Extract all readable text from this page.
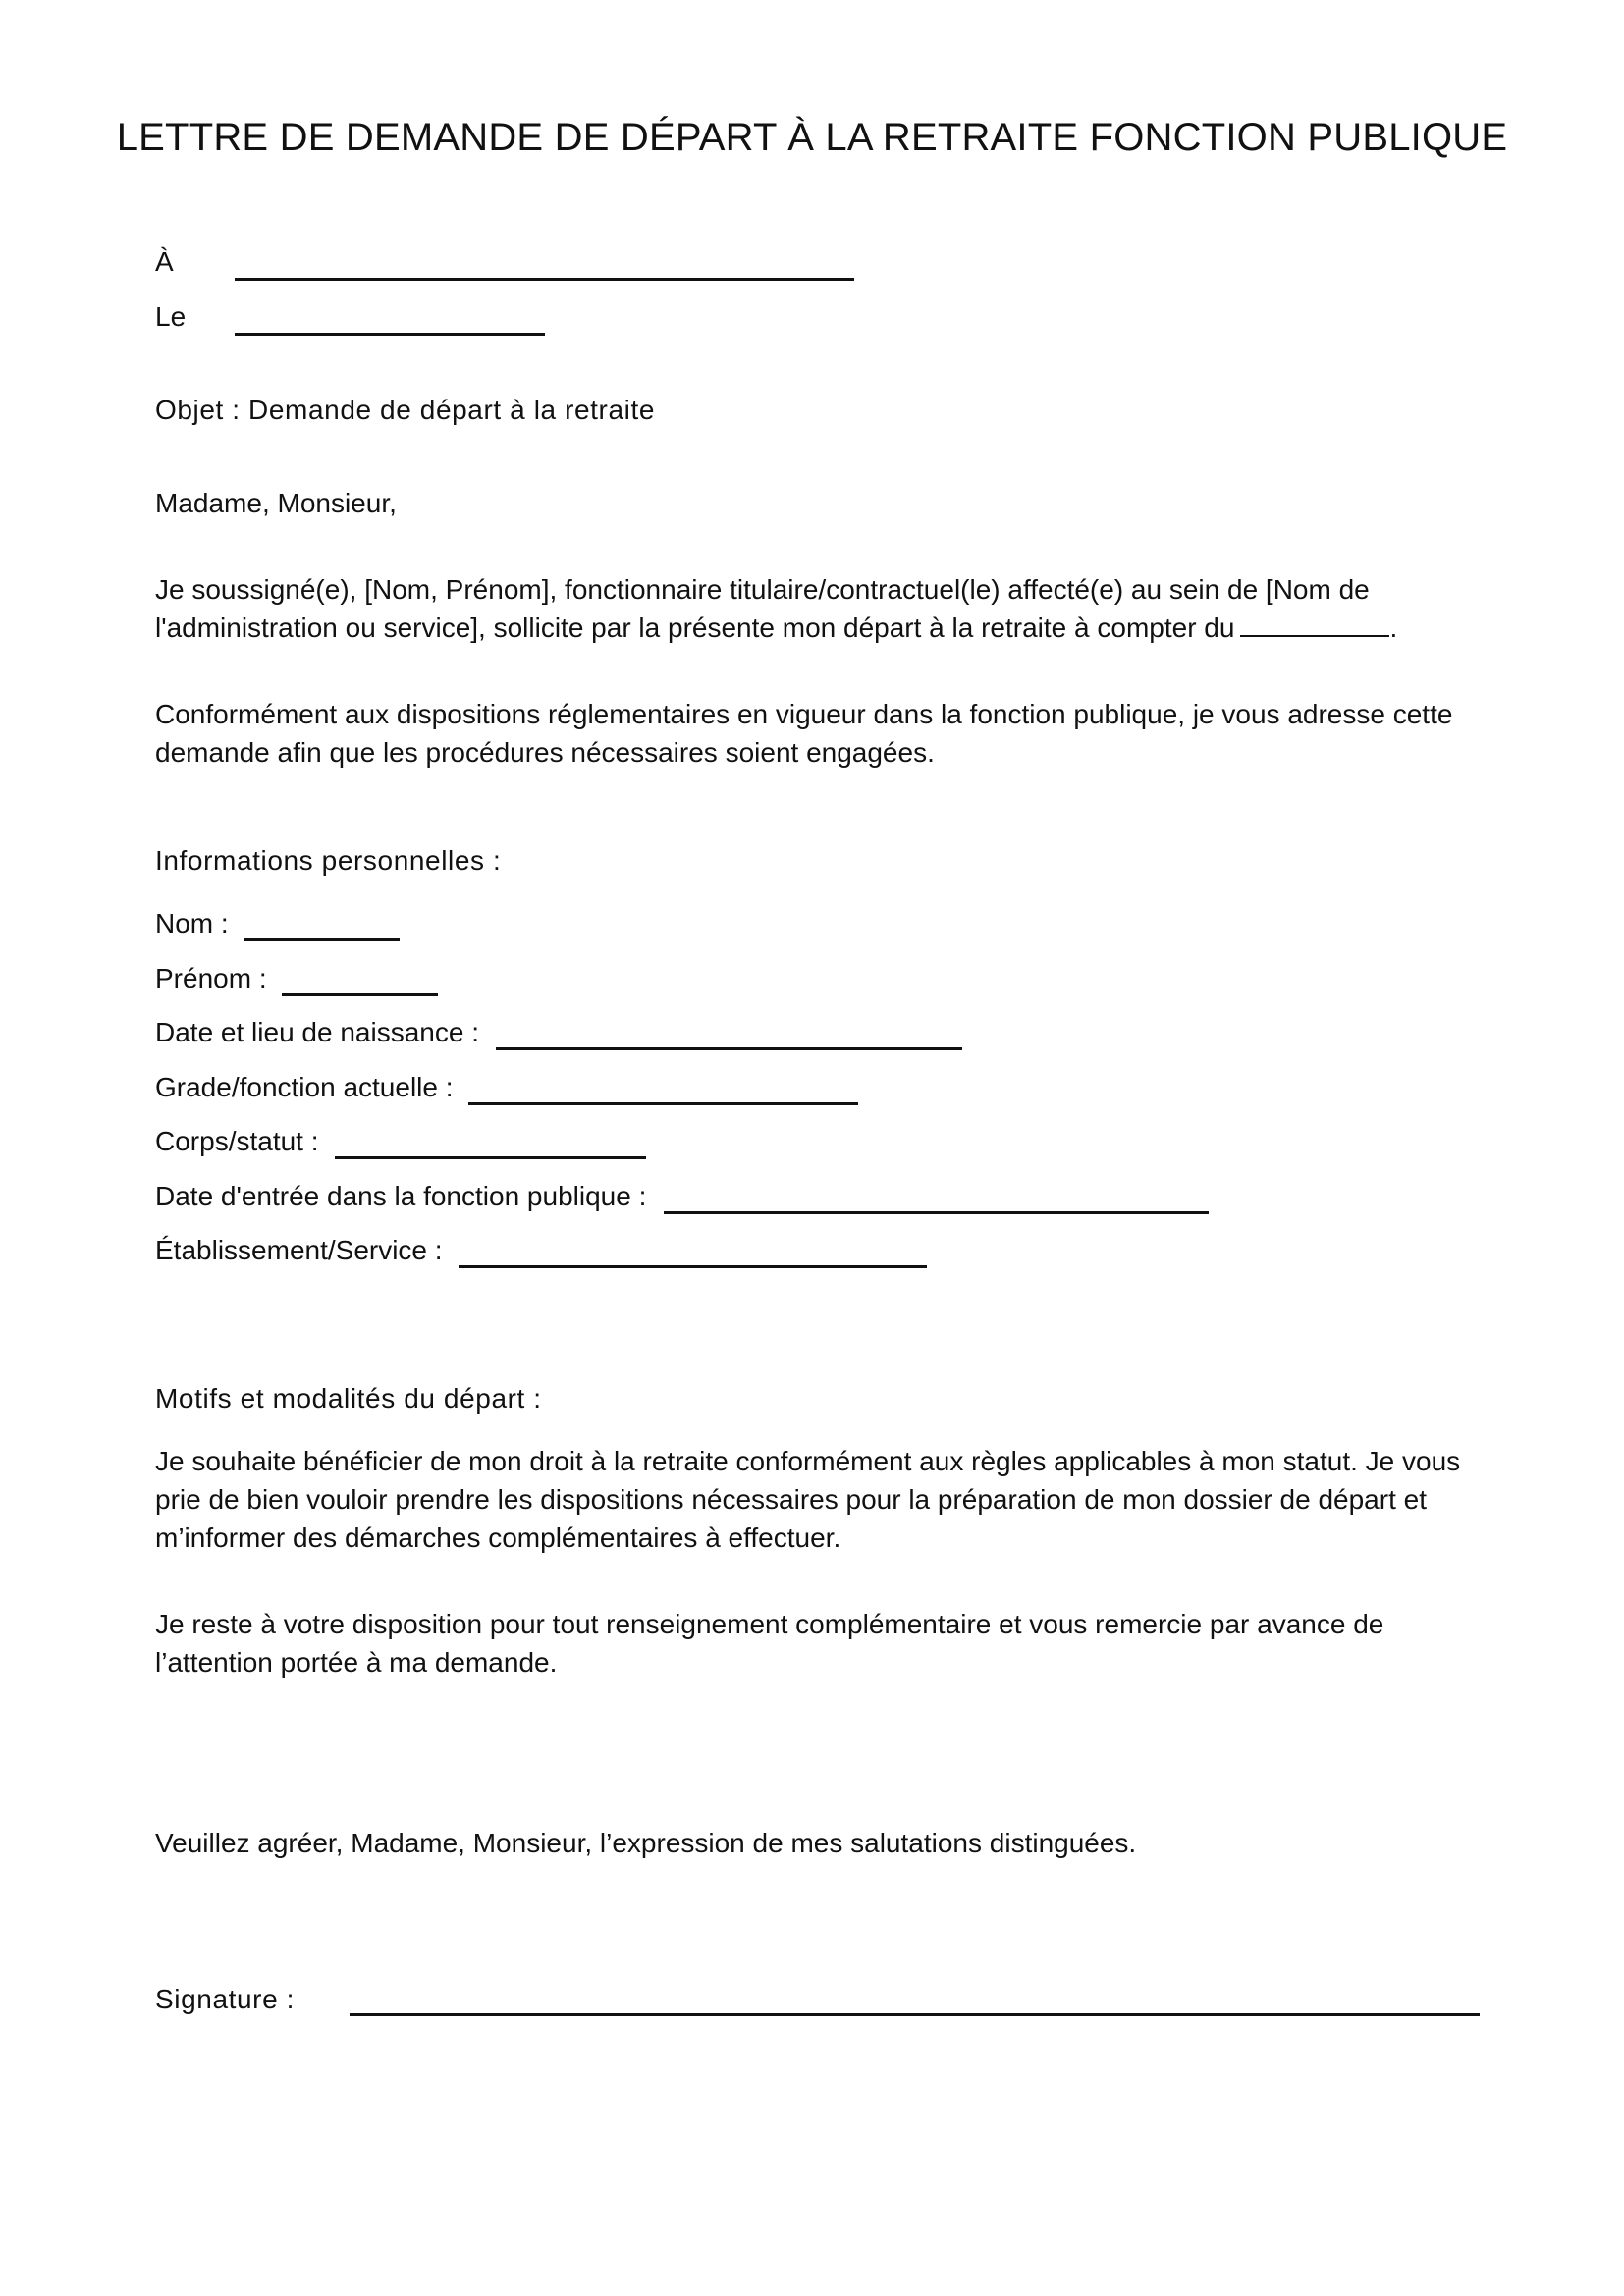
LETTRE DE DEMANDE DE DÉPART À LA RETRAITE FONCTION PUBLIQUE
À
Le
Objet : Demande de départ à la retraite
Madame, Monsieur,
Je soussigné(e), [Nom, Prénom], fonctionnaire titulaire/contractuel(le) affecté(e) au sein de [Nom de
l'administration ou service], sollicite par la présente mon départ à la retraite à compter du	.
Conformément aux dispositions réglementaires en vigueur dans la fonction publique, je vous adresse cette
demande afin que les procédures nécessaires soient engagées.
Informations personnelles :
Nom :
Prénom :
Date et lieu de naissance :
Grade/fonction actuelle :
Corps/statut :
Date d'entrée dans la fonction publique :
Établissement/Service :
Motifs et modalités du départ :
Je souhaite bénéficier de mon droit à la retraite conformément aux règles applicables à mon statut. Je vous
prie de bien vouloir prendre les dispositions nécessaires pour la préparation de mon dossier de départ et
m’informer des démarches complémentaires à effectuer.
Je reste à votre disposition pour tout renseignement complémentaire et vous remercie par avance de
l’attention portée à ma demande.
Veuillez agréer, Madame, Monsieur, l’expression de mes salutations distinguées.
Signature :
